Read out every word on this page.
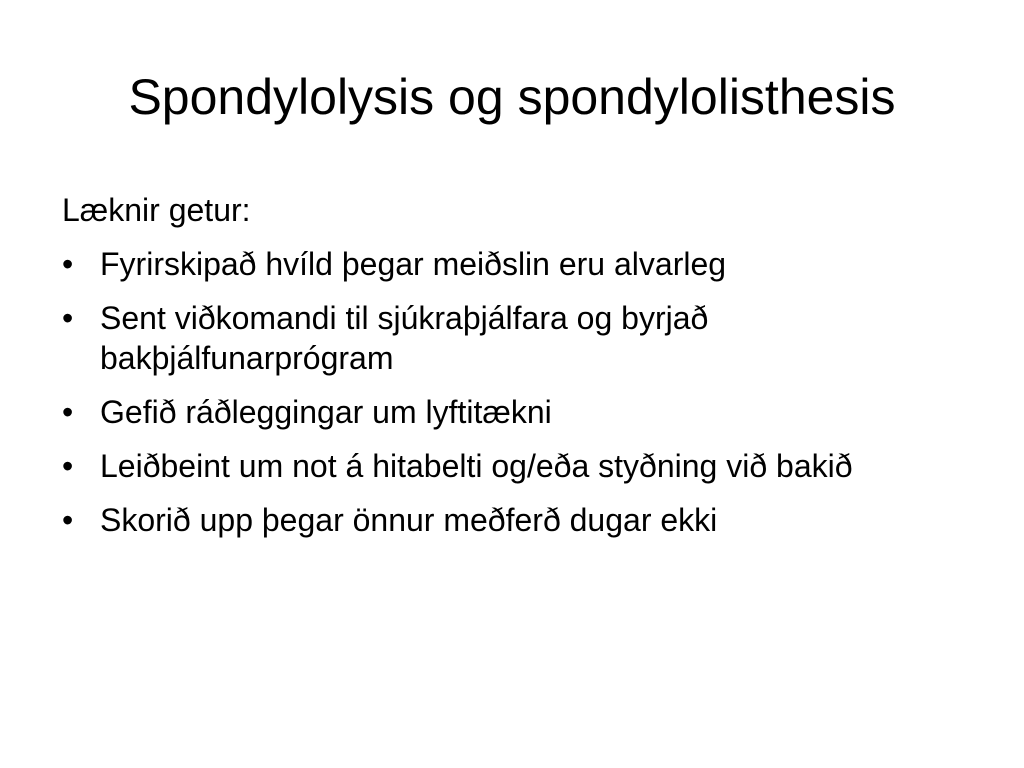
Spondylolysis og spondylolisthesis

Læknir getur:

• Fyrirskipað hvíld þegar meiðslin eru alvarleg
• Sent viðkomandi til sjúkraþjálfara og byrjað bakþjálfunarprógram
• Gefið ráðleggingar um lyftitækni
• Leiðbeint um not á hitabelti og/eða styðning við bakið
• Skorið upp þegar önnur meðferð dugar ekki
